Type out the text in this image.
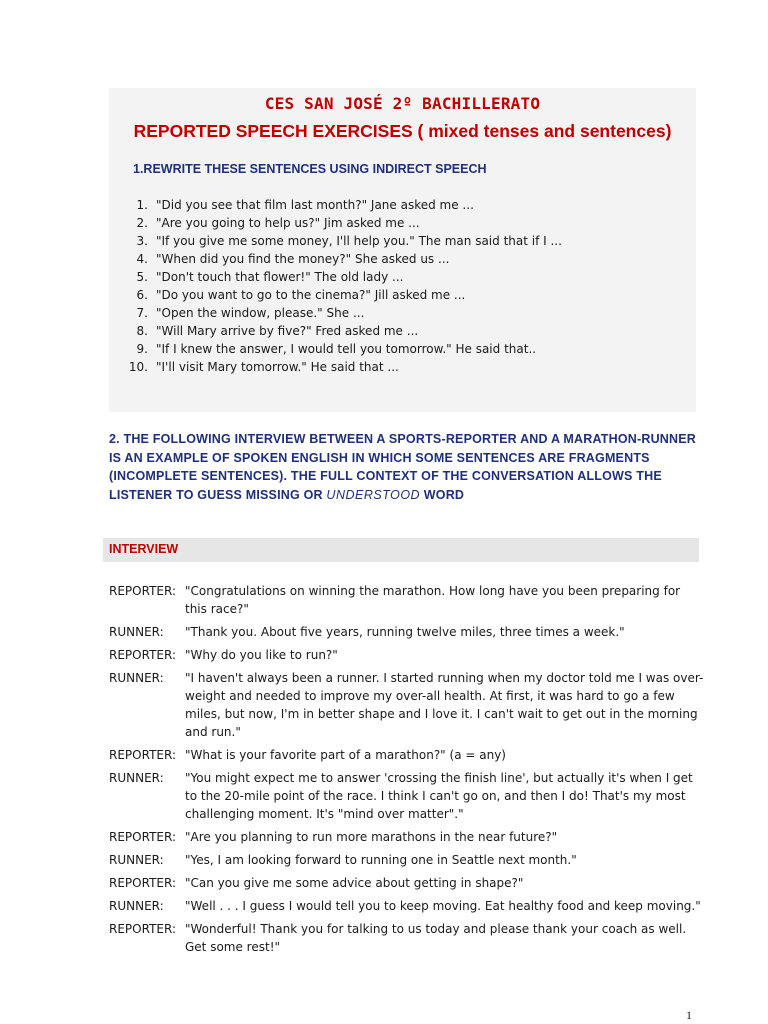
CES SAN JOSÉ 2º BACHILLERATO
REPORTED SPEECH EXERCISES ( mixed tenses and sentences)
1.REWRITE THESE SENTENCES USING INDIRECT SPEECH
1. "Did you see that film last month?" Jane asked me ...
2. "Are you going to help us?" Jim asked me ...
3. "If you give me some money, I'll help you." The man said that if I ...
4. "When did you find the money?" She asked us ...
5. "Don't touch that flower!" The old lady ...
6. "Do you want to go to the cinema?" Jill asked me ...
7. "Open the window, please." She ...
8. "Will Mary arrive by five?" Fred asked me ...
9. "If I knew the answer, I would tell you tomorrow." He said that..
10. "I'll visit Mary tomorrow." He said that ...
2. THE FOLLOWING INTERVIEW BETWEEN A SPORTS-REPORTER AND A MARATHON-RUNNER IS AN EXAMPLE OF SPOKEN ENGLISH IN WHICH SOME SENTENCES ARE FRAGMENTS (INCOMPLETE SENTENCES). THE FULL CONTEXT OF THE CONVERSATION ALLOWS THE LISTENER TO GUESS MISSING OR UNDERSTOOD WORD
INTERVIEW
REPORTER: "Congratulations on winning the marathon. How long have you been preparing for this race?"
RUNNER:	"Thank you. About five years, running twelve miles, three times a week."
REPORTER: "Why do you like to run?"
RUNNER:	"I haven't always been a runner. I started running when my doctor told me I was over-weight and needed to improve my over-all health. At first, it was hard to go a few miles, but now, I'm in better shape and I love it. I can't wait to get out in the morning and run."
REPORTER: "What is your favorite part of a marathon?" (a = any)
RUNNER:	"You might expect me to answer 'crossing the finish line', but actually it's when I get to the 20-mile point of the race. I think I can't go on, and then I do! That's my most challenging moment. It's "mind over matter"."
REPORTER: "Are you planning to run more marathons in the near future?"
RUNNER:	"Yes, I am looking forward to running one in Seattle next month."
REPORTER: "Can you give me some advice about getting in shape?"
RUNNER:	"Well . . . I guess I would tell you to keep moving. Eat healthy food and keep moving."
REPORTER: "Wonderful! Thank you for talking to us today and please thank your coach as well. Get some rest!"
1
